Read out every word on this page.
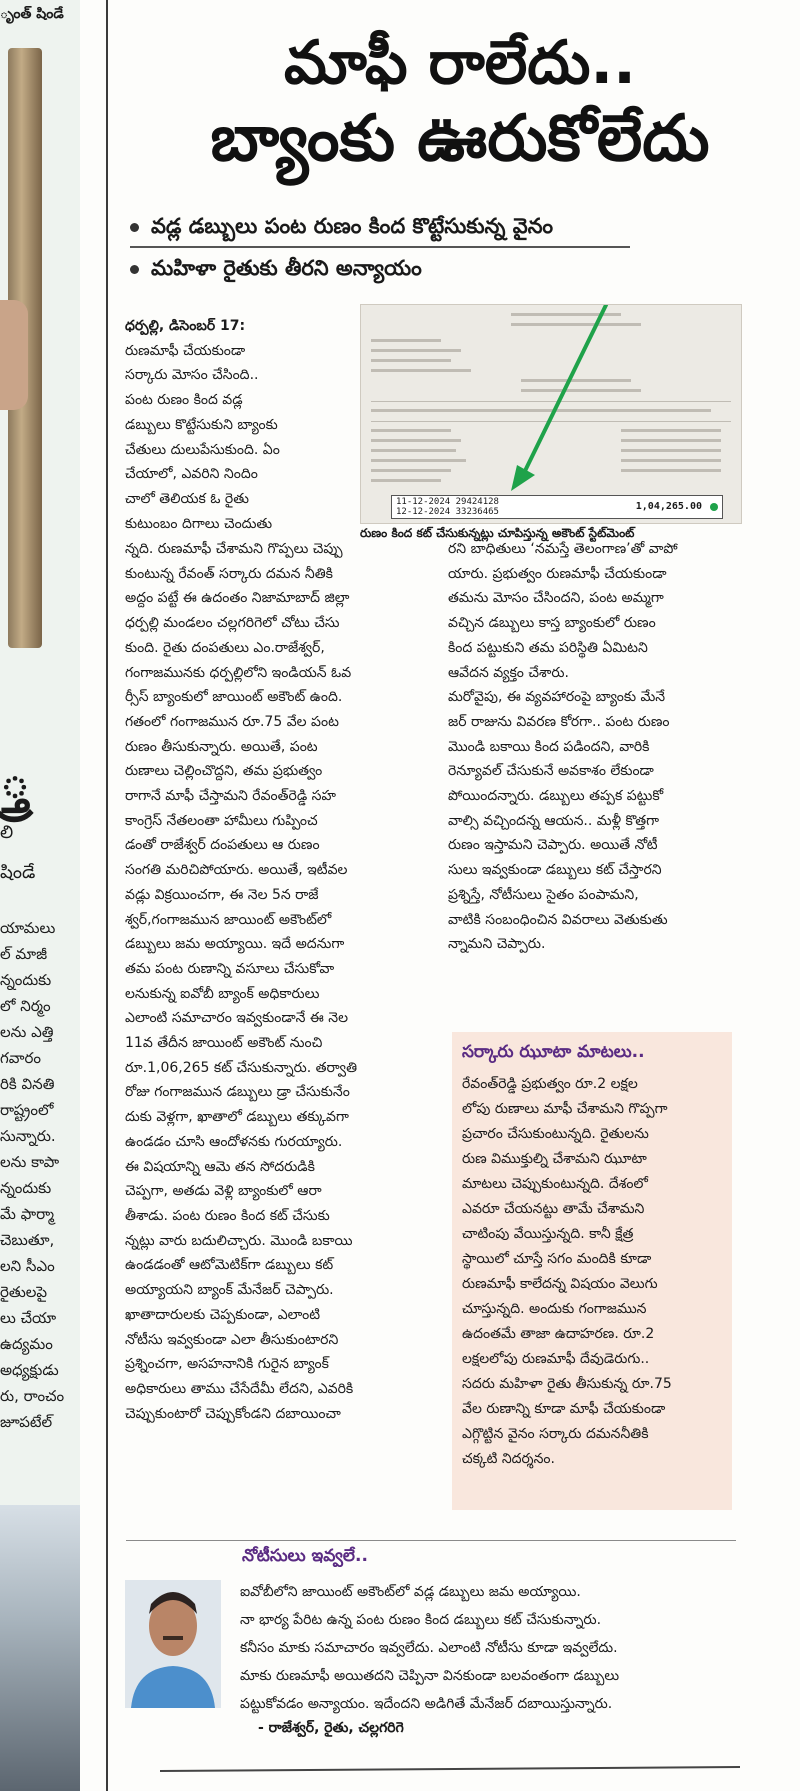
ృంత్ షిండే
్త్ర
లి
షిండే
యామలు
ల్ మాజీ
న్నందుకు
లో నిర్మం
లను ఎత్తి
గవారం
రికి వినతి
రాష్ట్రంలో
సున్నారు.
లను కాపా
న్నందుకు
మే ఫార్మా
చెబుతూ,
లని సీఎం
రైతులపై
లు చేయా
ఉద్యమం
అధ్యక్షుడు
రు, రాంచం
జూపటేల్
మాఫీ రాలేదు..
బ్యాంకు ఊరుకోలేదు
వడ్ల డబ్బులు పంట రుణం కింద కొట్టేసుకున్న వైనం
మహిళా రైతుకు తీరని అన్యాయం
ధర్పల్లి, డిసెంబర్ 17:
రుణమాఫీ చేయకుండా
సర్కారు మోసం చేసింది..
పంట రుణం కింద వడ్ల
డబ్బులు కొట్టేసుకుని బ్యాంకు
చేతులు దులుపేసుకుంది. ఏం
చేయాలో, ఎవరిని నిందిం
చాలో తెలియక ఓ రైతు
కుటుంబం దిగాలు చెందుతు
11-12-2024 29424128
12-12-2024 33236465	1,04,265.00
రుణం కింద కట్ చేసుకున్నట్లు చూపిస్తున్న అకౌంట్ స్టేట్‌మెంట్
న్నది. రుణమాఫీ చేశామని గొప్పలు చెప్పు
కుంటున్న రేవంత్ సర్కారు దమన నీతికి
అద్దం పట్టే ఈ ఉదంతం నిజామాబాద్ జిల్లా
ధర్పల్లి మండలం చల్లగరిగెలో చోటు చేసు
కుంది. రైతు దంపతులు ఎం.రాజేశ్వర్,
గంగాజమునకు ధర్పల్లిలోని ఇండియన్ ఓవ
ర్సీస్ బ్యాంకులో జాయింట్ అకౌంట్ ఉంది.
గతంలో గంగాజమున రూ.75 వేల పంట
రుణం తీసుకున్నారు. అయితే, పంట
రుణాలు చెల్లించొద్దని, తమ ప్రభుత్వం
రాగానే మాఫీ చేస్తామని రేవంత్‌రెడ్డి సహ
కాంగ్రెస్ నేతలంతా హామీలు గుప్పించ
డంతో రాజేశ్వర్ దంపతులు ఆ రుణం
సంగతి మరిచిపోయారు. అయితే, ఇటీవల
వడ్లు విక్రయించగా, ఈ నెల 5న రాజే
శ్వర్,గంగాజమున జాయింట్ అకౌంట్‌లో
డబ్బులు జమ అయ్యాయి. ఇదే అదనుగా
తమ పంట రుణాన్ని వసూలు చేసుకోవా
లనుకున్న ఐవోబీ బ్యాంక్ అధికారులు
ఎలాంటి సమాచారం ఇవ్వకుండానే ఈ నెల
11వ తేదీన జాయింట్ అకౌంట్ నుంచి
రూ.1,06,265 కట్ చేసుకున్నారు. తర్వాతి
రోజు గంగాజమున డబ్బులు డ్రా చేసుకునేం
దుకు వెళ్లగా, ఖాతాలో డబ్బులు తక్కువగా
ఉండడం చూసి ఆందోళనకు గురయ్యారు.
ఈ విషయాన్ని ఆమె తన సోదరుడికి
చెప్పగా, అతడు వెళ్లి బ్యాంకులో ఆరా
తీశాడు. పంట రుణం కింద కట్ చేసుకు
న్నట్లు వారు బదులిచ్చారు. మొండి బకాయి
ఉండడంతో ఆటోమెటిక్‌గా డబ్బులు కట్
అయ్యాయని బ్యాంక్ మేనేజర్ చెప్పారు.
ఖాతాదారులకు చెప్పకుండా, ఎలాంటి
నోటీసు ఇవ్వకుండా ఎలా తీసుకుంటారని
ప్రశ్నించగా, అసహనానికి గురైన బ్యాంక్
అధికారులు తాము చేసేదేమీ లేదని, ఎవరికి
చెప్పుకుంటారో చెప్పుకోండని దబాయించా
రని బాధితులు ‘నమస్తే తెలంగాణ’తో వాపో
యారు. ప్రభుత్వం రుణమాఫీ చేయకుండా
తమను మోసం చేసిందని, పంట అమ్మగా
వచ్చిన డబ్బులు కాస్త బ్యాంకులో రుణం
కింద పట్టుకుని తమ పరిస్థితి ఏమిటని
ఆవేదన వ్యక్తం చేశారు.
మరోవైపు, ఈ వ్యవహారంపై బ్యాంకు మేనే
జర్ రాజును వివరణ కోరగా.. పంట రుణం
మొండి బకాయి కింద పడిందని, వారికి
రెన్యూవల్ చేసుకునే అవకాశం లేకుండా
పోయిందన్నారు. డబ్బులు తప్పక పట్టుకో
వాల్సి వచ్చిందన్న ఆయన.. మళ్లీ కొత్తగా
రుణం ఇస్తామని చెప్పారు. అయితే నోటీ
సులు ఇవ్వకుండా డబ్బులు కట్ చేస్తారని
ప్రశ్నిస్తే, నోటీసులు సైతం పంపామని,
వాటికి సంబంధించిన వివరాలు వెతుకుతు
న్నామని చెప్పారు.
సర్కారు ఝూటా మాటలు..
రేవంత్‌రెడ్డి ప్రభుత్వం రూ.2 లక్షల
లోపు రుణాలు మాఫీ చేశామని గొప్పగా
ప్రచారం చేసుకుంటున్నది. రైతులను
రుణ విముక్తుల్ని చేశామని ఝూటా
మాటలు చెప్పుకుంటున్నది. దేశంలో
ఎవరూ చేయనట్టు తామే చేశామని
చాటింపు వేయిస్తున్నది. కానీ క్షేత్ర
స్థాయిలో చూస్తే సగం మందికి కూడా
రుణమాఫీ కాలేదన్న విషయం వెలుగు
చూస్తున్నది. అందుకు గంగాజమున
ఉదంతమే తాజా ఉదాహరణ. రూ.2
లక్షలలోపు రుణమాఫీ దేవుడెరుగు..
సదరు మహిళా రైతు తీసుకున్న రూ.75
వేల రుణాన్ని కూడా మాఫీ చేయకుండా
ఎగ్గొట్టిన వైనం సర్కారు దమననీతికి
చక్కటి నిదర్శనం.
నోటీసులు ఇవ్వలే..
ఐవోబీలోని జాయింట్ అకౌంట్‌లో వడ్ల డబ్బులు జమ అయ్యాయి.
నా భార్య పేరిట ఉన్న పంట రుణం కింద డబ్బులు కట్ చేసుకున్నారు.
కనీసం మాకు సమాచారం ఇవ్వలేదు. ఎలాంటి నోటీసు కూడా ఇవ్వలేదు.
మాకు రుణమాఫీ అయితదని చెప్పినా వినకుండా బలవంతంగా డబ్బులు
పట్టుకోవడం అన్యాయం. ఇదేందని అడిగితే మేనేజర్ దబాయిస్తున్నారు.
- రాజేశ్వర్, రైతు, చల్లగరిగె
